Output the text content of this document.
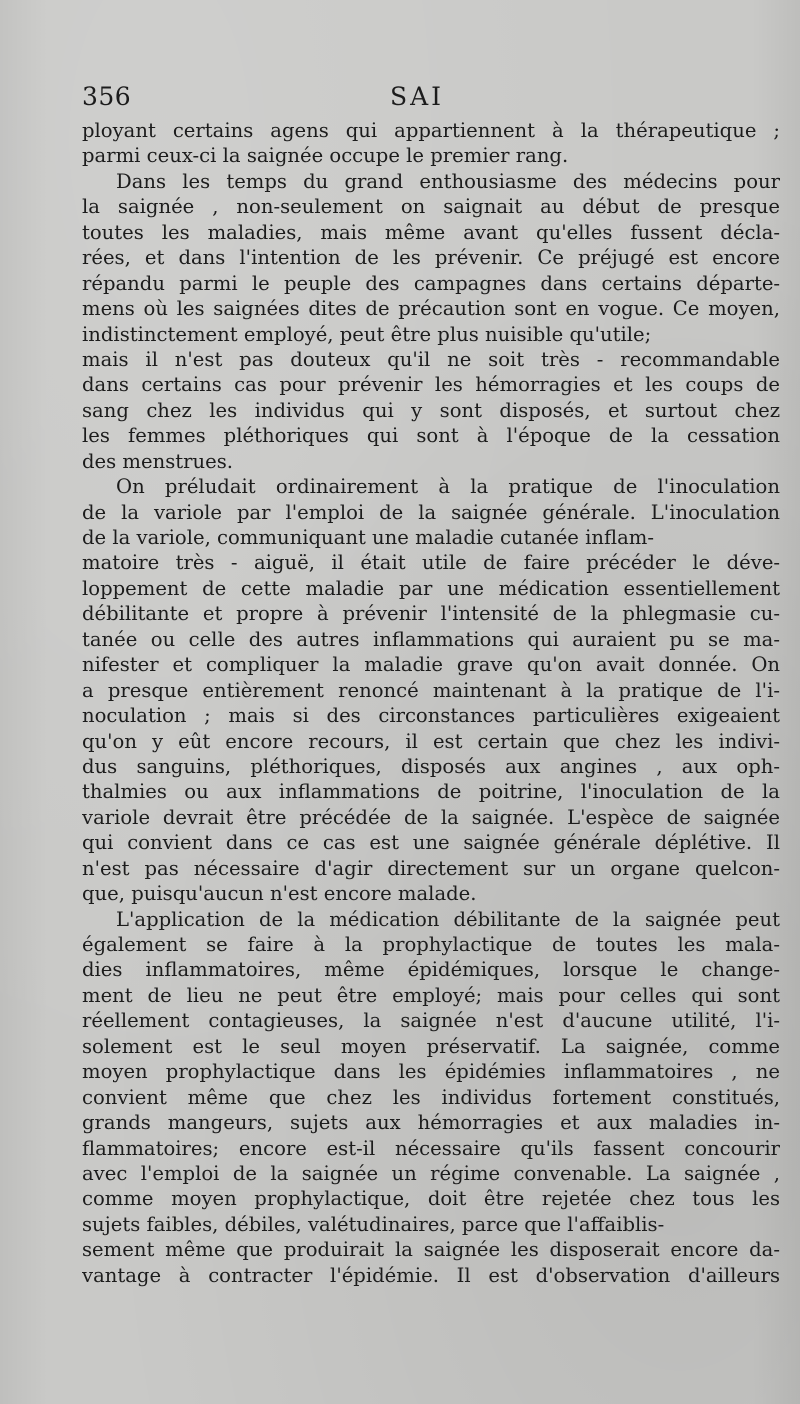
356	SAI
ployant certains agens qui appartiennent à la thérapeutique ;
parmi ceux-ci la saignée occupe le premier rang.
Dans les temps du grand enthousiasme des médecins pour
la saignée , non-seulement on saignait au début de presque
toutes les maladies, mais même avant qu'elles fussent décla-
rées, et dans l'intention de les prévenir. Ce préjugé est encore
répandu parmi le peuple des campagnes dans certains départe-
mens où les saignées dites de précaution sont en vogue. Ce moyen,
indistinctement employé, peut être plus nuisible qu'utile;
mais il n'est pas douteux qu'il ne soit très - recommandable
dans certains cas pour prévenir les hémorragies et les coups de
sang chez les individus qui y sont disposés, et surtout chez
les femmes pléthoriques qui sont à l'époque de la cessation
des menstrues.
On préludait ordinairement à la pratique de l'inoculation
de la variole par l'emploi de la saignée générale. L'inoculation
de la variole, communiquant une maladie cutanée inflam-
matoire très - aiguë, il était utile de faire précéder le déve-
loppement de cette maladie par une médication essentiellement
débilitante et propre à prévenir l'intensité de la phlegmasie cu-
tanée ou celle des autres inflammations qui auraient pu se ma-
nifester et compliquer la maladie grave qu'on avait donnée. On
a presque entièrement renoncé maintenant à la pratique de l'i-
noculation ; mais si des circonstances particulières exigeaient
qu'on y eût encore recours, il est certain que chez les indivi-
dus sanguins, pléthoriques, disposés aux angines , aux oph-
thalmies ou aux inflammations de poitrine, l'inoculation de la
variole devrait être précédée de la saignée. L'espèce de saignée
qui convient dans ce cas est une saignée générale déplétive. Il
n'est pas nécessaire d'agir directement sur un organe quelcon-
que, puisqu'aucun n'est encore malade.
L'application de la médication débilitante de la saignée peut
également se faire à la prophylactique de toutes les mala-
dies inflammatoires, même épidémiques, lorsque le change-
ment de lieu ne peut être employé; mais pour celles qui sont
réellement contagieuses, la saignée n'est d'aucune utilité, l'i-
solement est le seul moyen préservatif. La saignée, comme
moyen prophylactique dans les épidémies inflammatoires , ne
convient même que chez les individus fortement constitués,
grands mangeurs, sujets aux hémorragies et aux maladies in-
flammatoires; encore est-il nécessaire qu'ils fassent concourir
avec l'emploi de la saignée un régime convenable. La saignée ,
comme moyen prophylactique, doit être rejetée chez tous les
sujets faibles, débiles, valétudinaires, parce que l'affaiblis-
sement même que produirait la saignée les disposerait encore da-
vantage à contracter l'épidémie. Il est d'observation d'ailleurs
